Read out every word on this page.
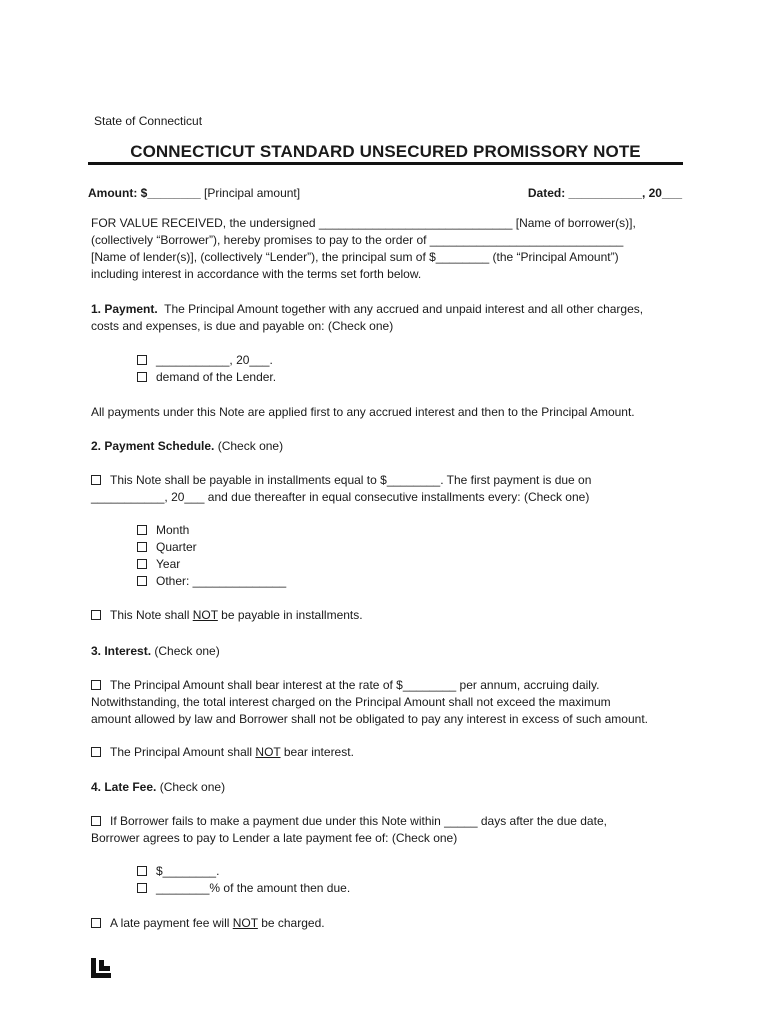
State of Connecticut
CONNECTICUT STANDARD UNSECURED PROMISSORY NOTE
Amount: $________ [Principal amount]	Dated: ___________, 20___
FOR VALUE RECEIVED, the undersigned _____________________________ [Name of borrower(s)],
(collectively “Borrower”), hereby promises to pay to the order of _____________________________
[Name of lender(s)], (collectively “Lender”), the principal sum of $________ (the “Principal Amount”)
including interest in accordance with the terms set forth below.
1. Payment.  The Principal Amount together with any accrued and unpaid interest and all other charges,
costs and expenses, is due and payable on: (Check one)
___________, 20___.
demand of the Lender.
All payments under this Note are applied first to any accrued interest and then to the Principal Amount.
2. Payment Schedule. (Check one)
This Note shall be payable in installments equal to $________. The first payment is due on
___________, 20___ and due thereafter in equal consecutive installments every: (Check one)
Month
Quarter
Year
Other: ______________
This Note shall NOT be payable in installments.
3. Interest. (Check one)
The Principal Amount shall bear interest at the rate of $________ per annum, accruing daily.
Notwithstanding, the total interest charged on the Principal Amount shall not exceed the maximum
amount allowed by law and Borrower shall not be obligated to pay any interest in excess of such amount.
The Principal Amount shall NOT bear interest.
4. Late Fee. (Check one)
If Borrower fails to make a payment due under this Note within _____ days after the due date,
Borrower agrees to pay to Lender a late payment fee of: (Check one)
$________.
________% of the amount then due.
A late payment fee will NOT be charged.
